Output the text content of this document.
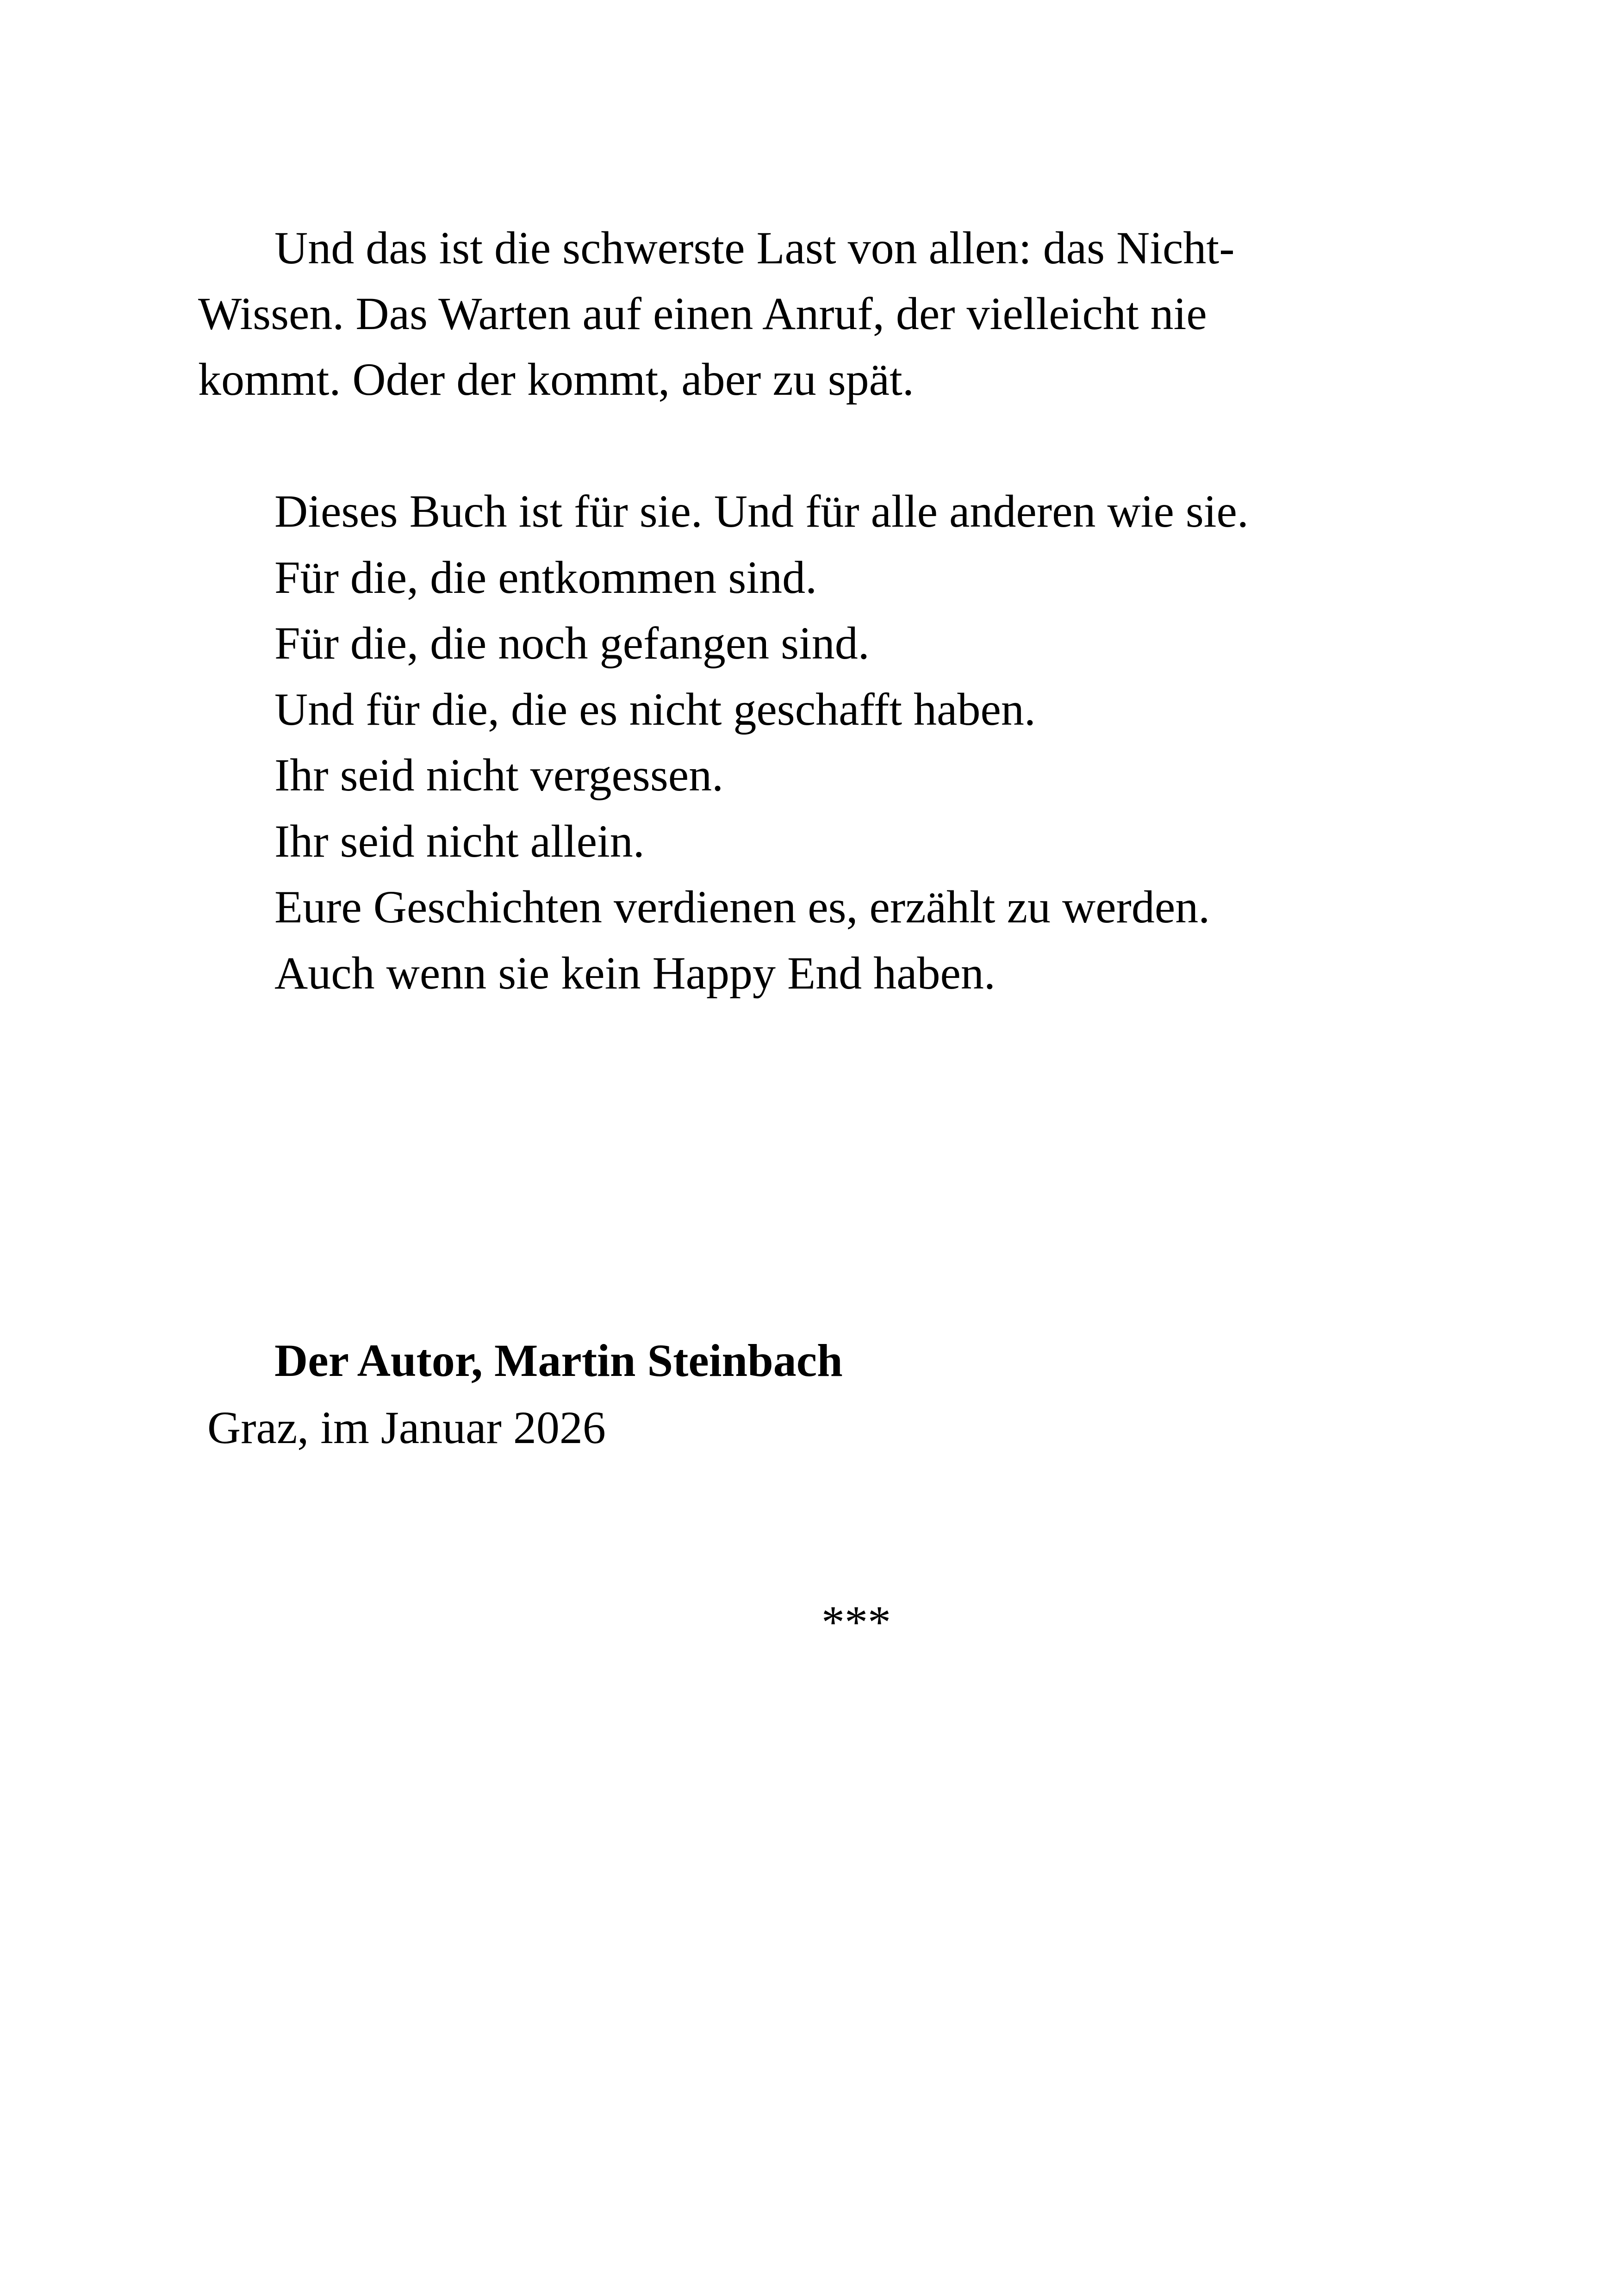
Und das ist die schwerste Last von allen: das Nicht-

Wissen. Das Warten auf einen Anruf, der vielleicht nie

kommt. Oder der kommt, aber zu spät.

Dieses Buch ist für sie. Und für alle anderen wie sie.

Für die, die entkommen sind.

Für die, die noch gefangen sind.

Und für die, die es nicht geschafft haben.

Ihr seid nicht vergessen.

Ihr seid nicht allein.

Eure Geschichten verdienen es, erzählt zu werden.

Auch wenn sie kein Happy End haben.

Der Autor, Martin Steinbach

Graz, im Januar 2026

***
